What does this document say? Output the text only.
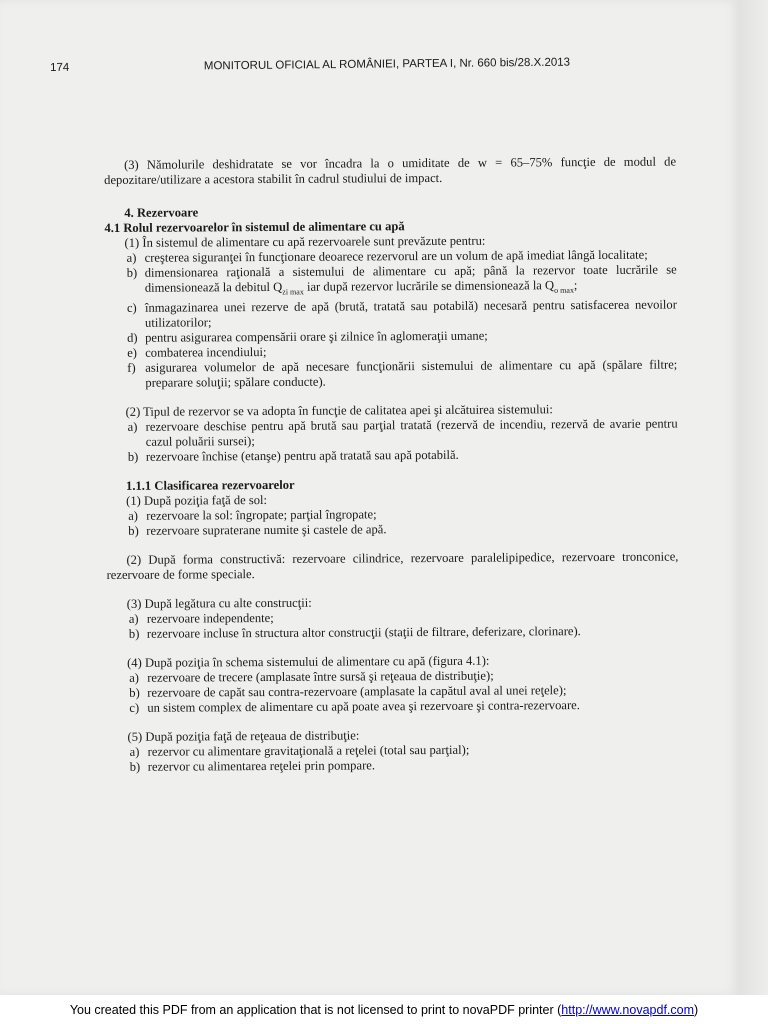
174	MONITORUL OFICIAL AL ROMÂNIEI, PARTEA I, Nr. 660 bis/28.X.2013

(3) Nămolurile deshidratate se vor încadra la o umiditate de w = 65–75% funcţie de modul de depozitare/utilizare a acestora stabilit în cadrul studiului de impact.

4. Rezervoare

4.1 Rolul rezervoarelor în sistemul de alimentare cu apă

(1) În sistemul de alimentare cu apă rezervoarele sunt prevăzute pentru:

a) creşterea siguranţei în funcţionare deoarece rezervorul are un volum de apă imediat lângă localitate;
b) dimensionarea raţională a sistemului de alimentare cu apă; până la rezervor toate lucrările se dimensionează la debitul $Q_{zi max}$ iar după rezervor lucrările se dimensionează la $Q_{o max}$;
c) înmagazinarea unei rezerve de apă (brută, tratată sau potabilă) necesară pentru satisfacerea nevoilor utilizatorilor;
d) pentru asigurarea compensării orare şi zilnice în aglomeraţii umane;
e) combaterea incendiului;
f) asigurarea volumelor de apă necesare funcţionării sistemului de alimentare cu apă (spălare filtre; preparare soluţii; spălare conducte).

(2) Tipul de rezervor se va adopta în funcţie de calitatea apei şi alcătuirea sistemului:

a) rezervoare deschise pentru apă brută sau parţial tratată (rezervă de incendiu, rezervă de avarie pentru cazul poluării sursei);
b) rezervoare închise (etanşe) pentru apă tratată sau apă potabilă.

1.1.1 Clasificarea rezervoarelor

(1) După poziţia faţă de sol:

a) rezervoare la sol: îngropate; parţial îngropate;
b) rezervoare supraterane numite şi castele de apă.

(2) După forma constructivă: rezervoare cilindrice, rezervoare paralelipipedice, rezervoare tronconice, rezervoare de forme speciale.

(3) După legătura cu alte construcţii:

a) rezervoare independente;
b) rezervoare incluse în structura altor construcţii (staţii de filtrare, deferizare, clorinare).

(4) După poziţia în schema sistemului de alimentare cu apă (figura 4.1):

a) rezervoare de trecere (amplasate între sursă şi reţeaua de distribuţie);
b) rezervoare de capăt sau contra-rezervoare (amplasate la capătul aval al unei reţele);
c) un sistem complex de alimentare cu apă poate avea şi rezervoare şi contra-rezervoare.

(5) După poziţia faţă de reţeaua de distribuţie:

a) rezervor cu alimentare gravitaţională a reţelei (total sau parţial);
b) rezervor cu alimentarea reţelei prin pompare.
You created this PDF from an application that is not licensed to print to novaPDF printer ( http://www.novapdf.com )
